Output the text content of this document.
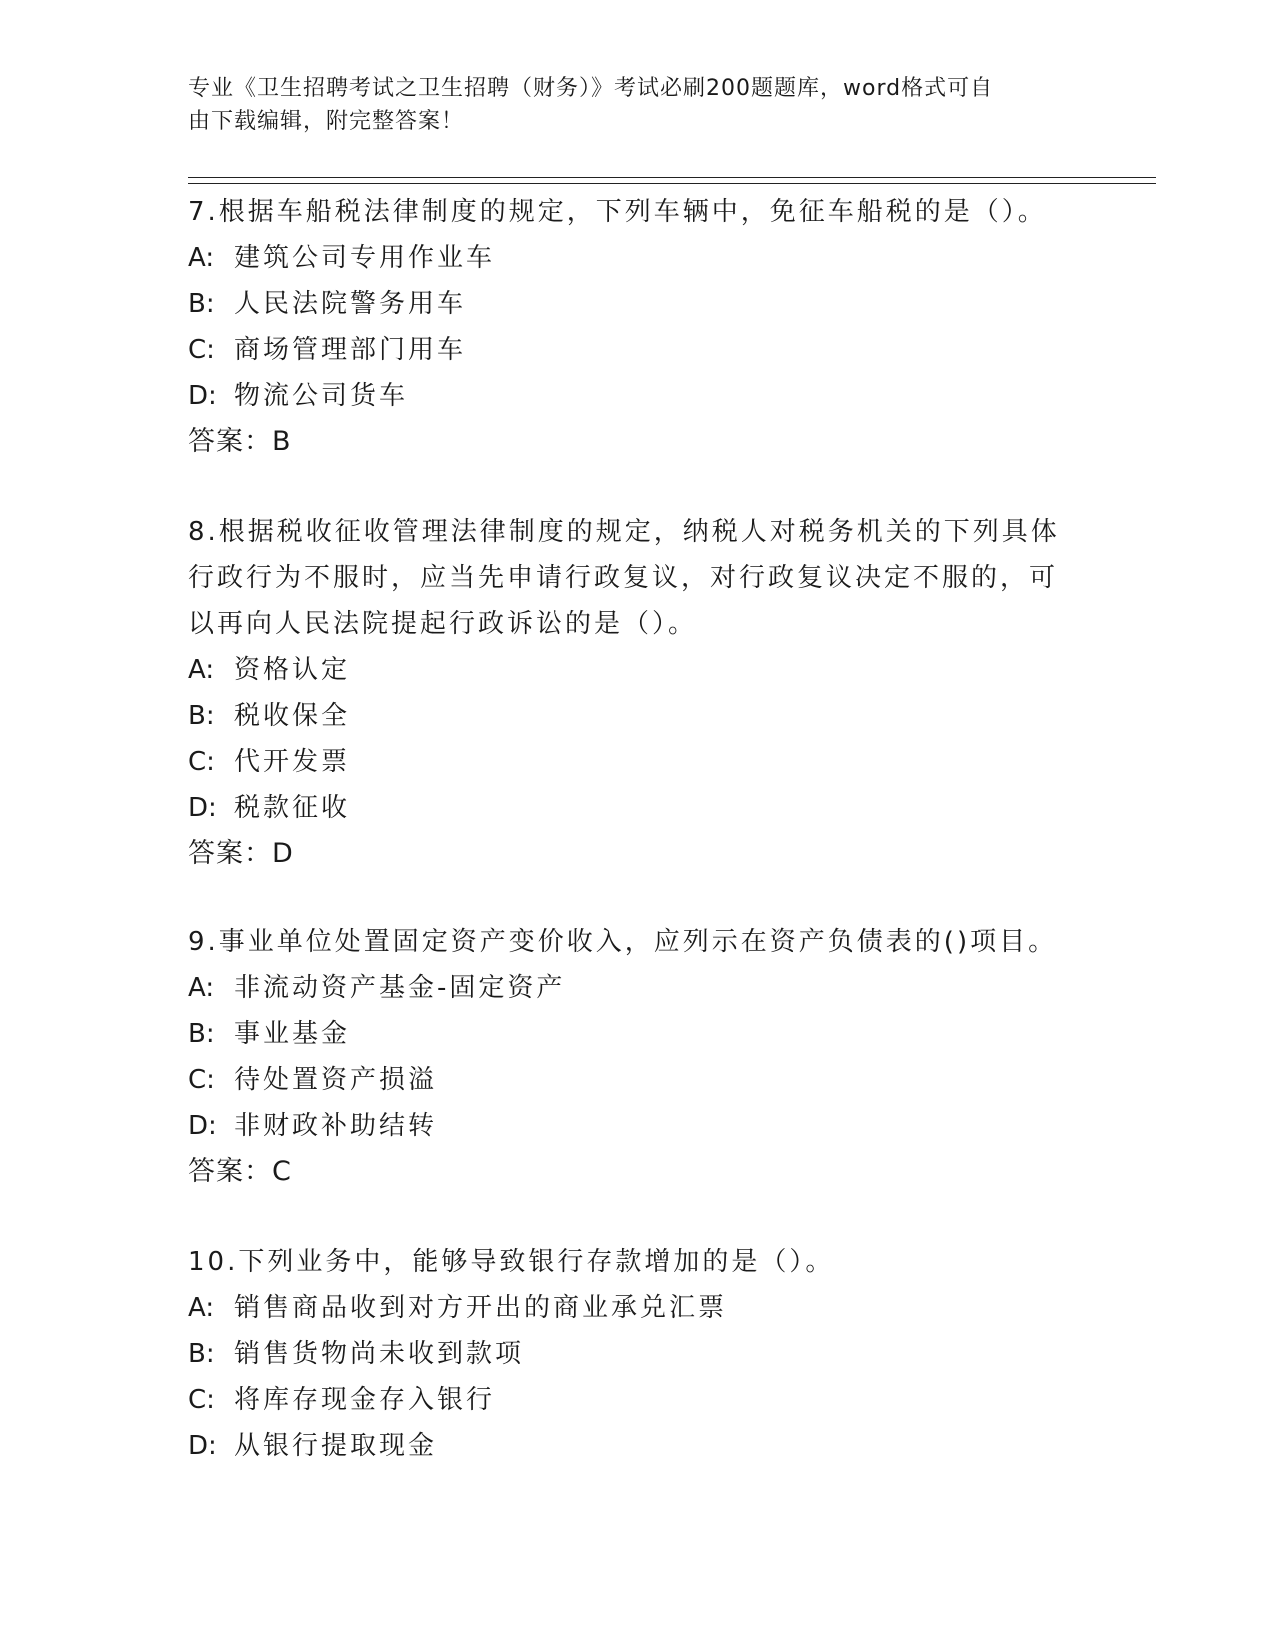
专业《卫生招聘考试之卫生招聘（财务）》考试必刷200题题库，word格式可自
由下载编辑，附完整答案！

7.根据车船税法律制度的规定，下列车辆中，免征车船税的是（）。

A: 建筑公司专用作业车
B: 人民法院警务用车
C: 商场管理部门用车
D: 物流公司货车

答案：B

8.根据税收征收管理法律制度的规定，纳税人对税务机关的下列具体

行政行为不服时，应当先申请行政复议，对行政复议决定不服的，可

以再向人民法院提起行政诉讼的是（）。

A: 资格认定
B: 税收保全
C: 代开发票
D: 税款征收

答案：D

9.事业单位处置固定资产变价收入，应列示在资产负债表的()项目。

A: 非流动资产基金-固定资产
B: 事业基金
C: 待处置资产损溢
D: 非财政补助结转

答案：C

10.下列业务中，能够导致银行存款增加的是（）。

A: 销售商品收到对方开出的商业承兑汇票
B: 销售货物尚未收到款项
C: 将库存现金存入银行
D: 从银行提取现金
